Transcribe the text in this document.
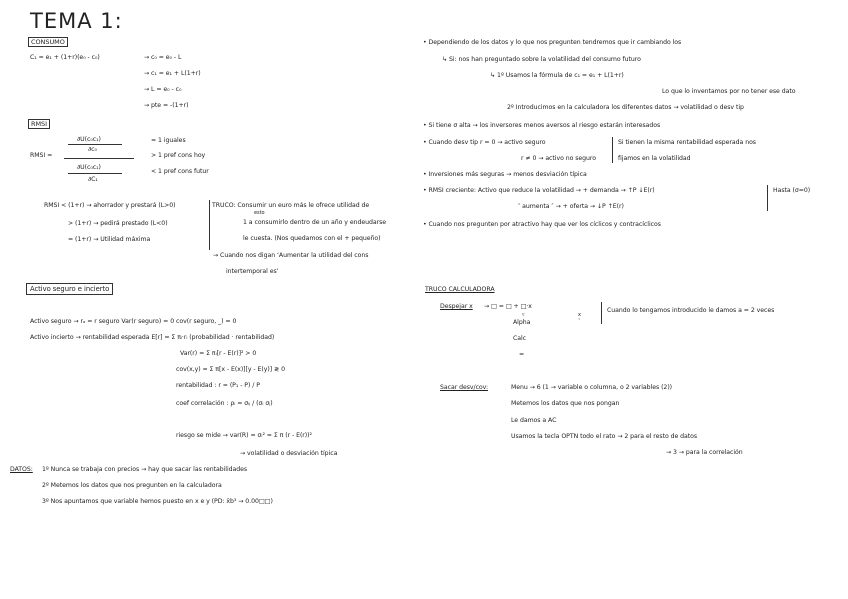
TEMA 1:
CONSUMO
C₁ = e₁ + (1+r)(e₀ - c₀)	→ c₀ = e₀ - L
→ c₁ = e₁ + L(1+r)
→ L = e₀ - c₀
→ pte = -(1+r)
RMSI
RMSI =
∂U(c₀c₁)
∂c₀
∂U(c₀c₁)
∂C₁
= 1 iguales
> 1 pref cons hoy
< 1 pref cons futur
RMSI < (1+r) → ahorrador y prestará (L>0)
> (1+r) → pedirá prestado (L<0)
= (1+r) → Utilidad máxima
TRUCO: Consumir un euro más le ofrece utilidad de
esto
1 a consumirlo dentro de un año y endeudarse
le cuesta. (Nos quedamos con el + pequeño)
→ Cuando nos digan ‘Aumentar la utilidad del cons
intertemporal es’
Activo seguro e incierto
Activo seguro → rₐ = r seguro Var(r seguro) = 0 cov(r seguro, _) = 0
Activo incierto → rentabilidad esperada E[r] = Σ πᵢ·rᵢ (probabilidad · rentabilidad)
Var(r) = Σ πᵢ[r - E(r)]² > 0
cov(x,y) = Σ π[x - E(x)][y - E(y)] ≷ 0
rentabilidad : r = (P₁ - P) / P
coef correlación : ρᵢ = σᵢⱼ / (σᵢ σⱼ)
riesgo se mide → var(R) = σᵢ² = Σ π (r - E(r))²
→ volatilidad o desviación típica
DATOS: 1º Nunca se trabaja con precios → hay que sacar las rentabilidades
2º Metemos los datos que nos pregunten en la calculadora
3º Nos apuntamos que variable hemos puesto en x e y (PD: x̄b³ → 0.00□□)
• Dependiendo de los datos y lo que nos pregunten tendremos que ir cambiando los
↳ Si: nos han preguntado sobre la volatilidad del consumo futuro
↳ 1º Usamos la fórmula de c₁ = e₁ + L(1+r)
Lo que lo inventamos por no tener ese dato
2º Introducimos en la calculadora los diferentes datos → volatilidad o desv tip
• Si tiene σ alta → los inversores menos aversos al riesgo estarán interesados
• Cuando desv tip r = 0 → activo seguro
r ≠ 0 → activo no seguro
Si tienen la misma rentabilidad esperada nos
fijamos en la volatilidad
• Inversiones más seguras → menos desviación típica
• RMSI creciente: Activo que reduce la volatilidad → + demanda → ↑P ↓E(r)
″ aumenta ″ → + oferta → ↓P ↑E(r)
Hasta (σ=0)
• Cuando nos pregunten por atractivo hay que ver los cíclicos y contracíclicos
TRUCO CALCULADORA
Despejar x → □ = □ + □·x
▿	x
ˇ
Alpha
Calc
=
Cuando lo tengamos introducido le damos a = 2 veces
Sacar desv/cov:	Menu → 6 (1 → variable o columna, o 2 variables (2))
Metemos los datos que nos pongan
Le damos a AC
Usamos la tecla OPTN todo el rato → 2 para el resto de datos
→ 3 → para la correlación
